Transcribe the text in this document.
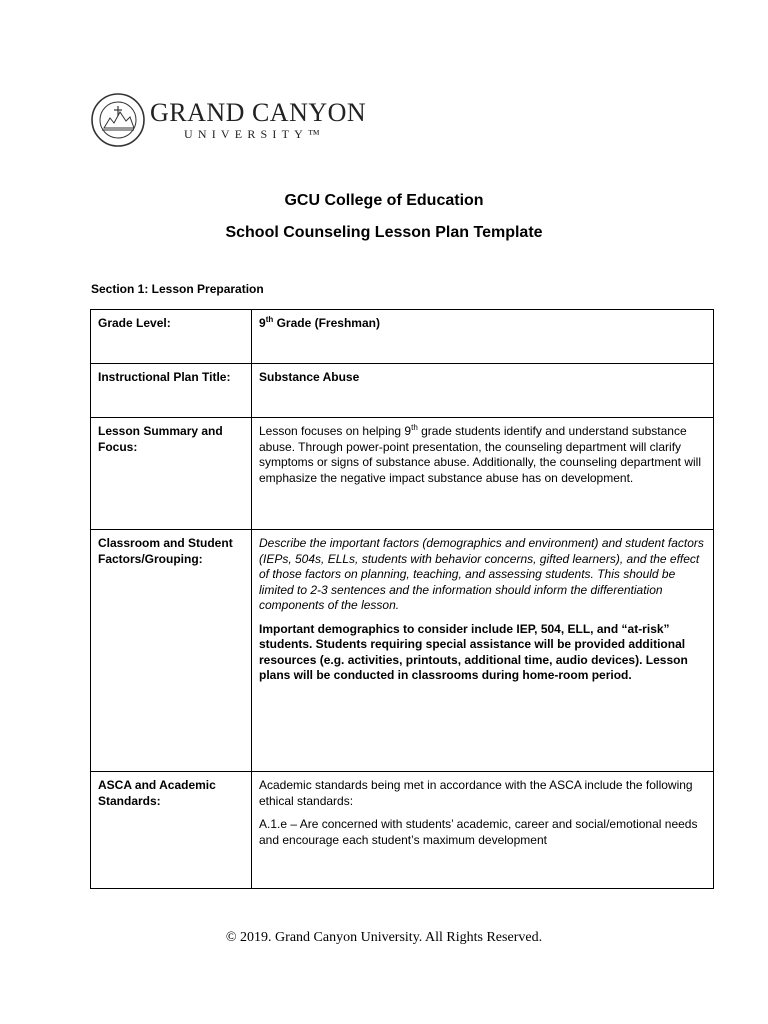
GRAND CANYON
UNIVERSITY™
GCU College of Education
School Counseling Lesson Plan Template
Section 1: Lesson Preparation
Grade Level:	9th Grade (Freshman)
Instructional Plan Title:	Substance Abuse
Lesson Summary and Focus:	Lesson focuses on helping 9th grade students identify and understand substance abuse. Through power-point presentation, the counseling department will clarify symptoms or signs of substance abuse. Additionally, the counseling department will emphasize the negative impact substance abuse has on development.
Classroom and Student Factors/Grouping:	Describe the important factors (demographics and environment) and student factors (IEPs, 504s, ELLs, students with behavior concerns, gifted learners), and the effect of those factors on planning, teaching, and assessing students. This should be limited to 2-3 sentences and the information should inform the differentiation components of the lesson.

Important demographics to consider include IEP, 504, ELL, and “at-risk” students. Students requiring special assistance will be provided additional resources (e.g. activities, printouts, additional time, audio devices). Lesson plans will be conducted in classrooms during home-room period.

ASCA and Academic Standards:	Academic standards being met in accordance with the ASCA include the following ethical standards:

A.1.e – Are concerned with students’ academic, career and social/emotional needs and encourage each student’s maximum development

© 2019. Grand Canyon University. All Rights Reserved.
